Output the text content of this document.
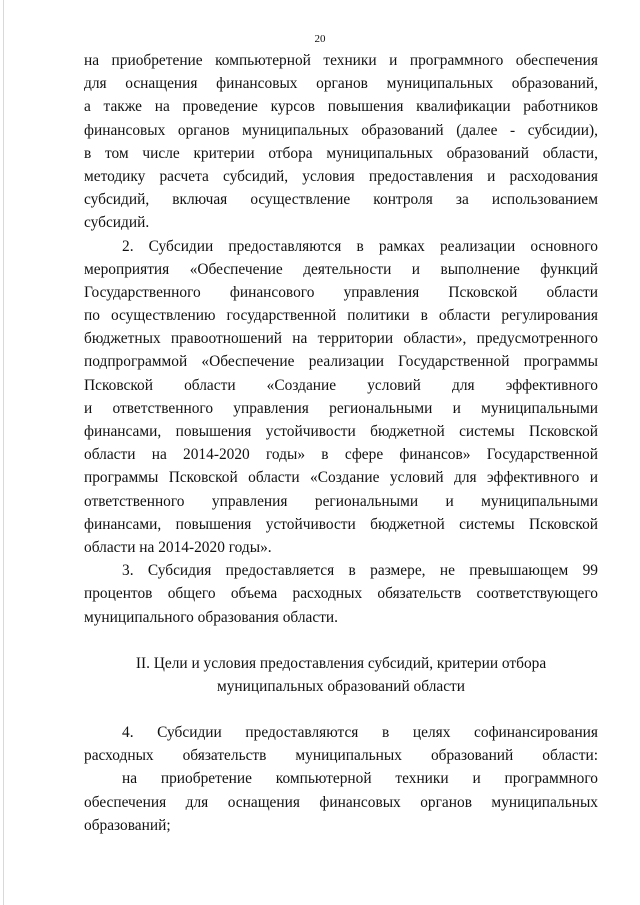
20
на приобретение компьютерной техники и программного обеспечения
для оснащения финансовых органов муниципальных образований,
а также на проведение курсов повышения квалификации работников
финансовых органов муниципальных образований (далее - субсидии),
в том числе критерии отбора муниципальных образований области,
методику расчета субсидий, условия предоставления и расходования
субсидий, включая осуществление контроля за использованием
субсидий.
2. Субсидии предоставляются в рамках реализации основного
мероприятия «Обеспечение деятельности и выполнение функций
Государственного финансового управления Псковской области
по осуществлению государственной политики в области регулирования
бюджетных правоотношений на территории области», предусмотренного
подпрограммой «Обеспечение реализации Государственной программы
Псковской области «Создание условий для эффективного
и ответственного управления региональными и муниципальными
финансами, повышения устойчивости бюджетной системы Псковской
области на 2014-2020 годы» в сфере финансов» Государственной
программы Псковской области «Создание условий для эффективного и
ответственного управления региональными и муниципальными
финансами, повышения устойчивости бюджетной системы Псковской
области на 2014-2020 годы».
3. Субсидия предоставляется в размере, не превышающем 99
процентов общего объема расходных обязательств соответствующего
муниципального образования области.
II. Цели и условия предоставления субсидий, критерии отбора
муниципальных образований области
4. Субсидии предоставляются в целях софинансирования
расходных обязательств муниципальных образований области:
на приобретение компьютерной техники и программного
обеспечения для оснащения финансовых органов муниципальных
образований;
